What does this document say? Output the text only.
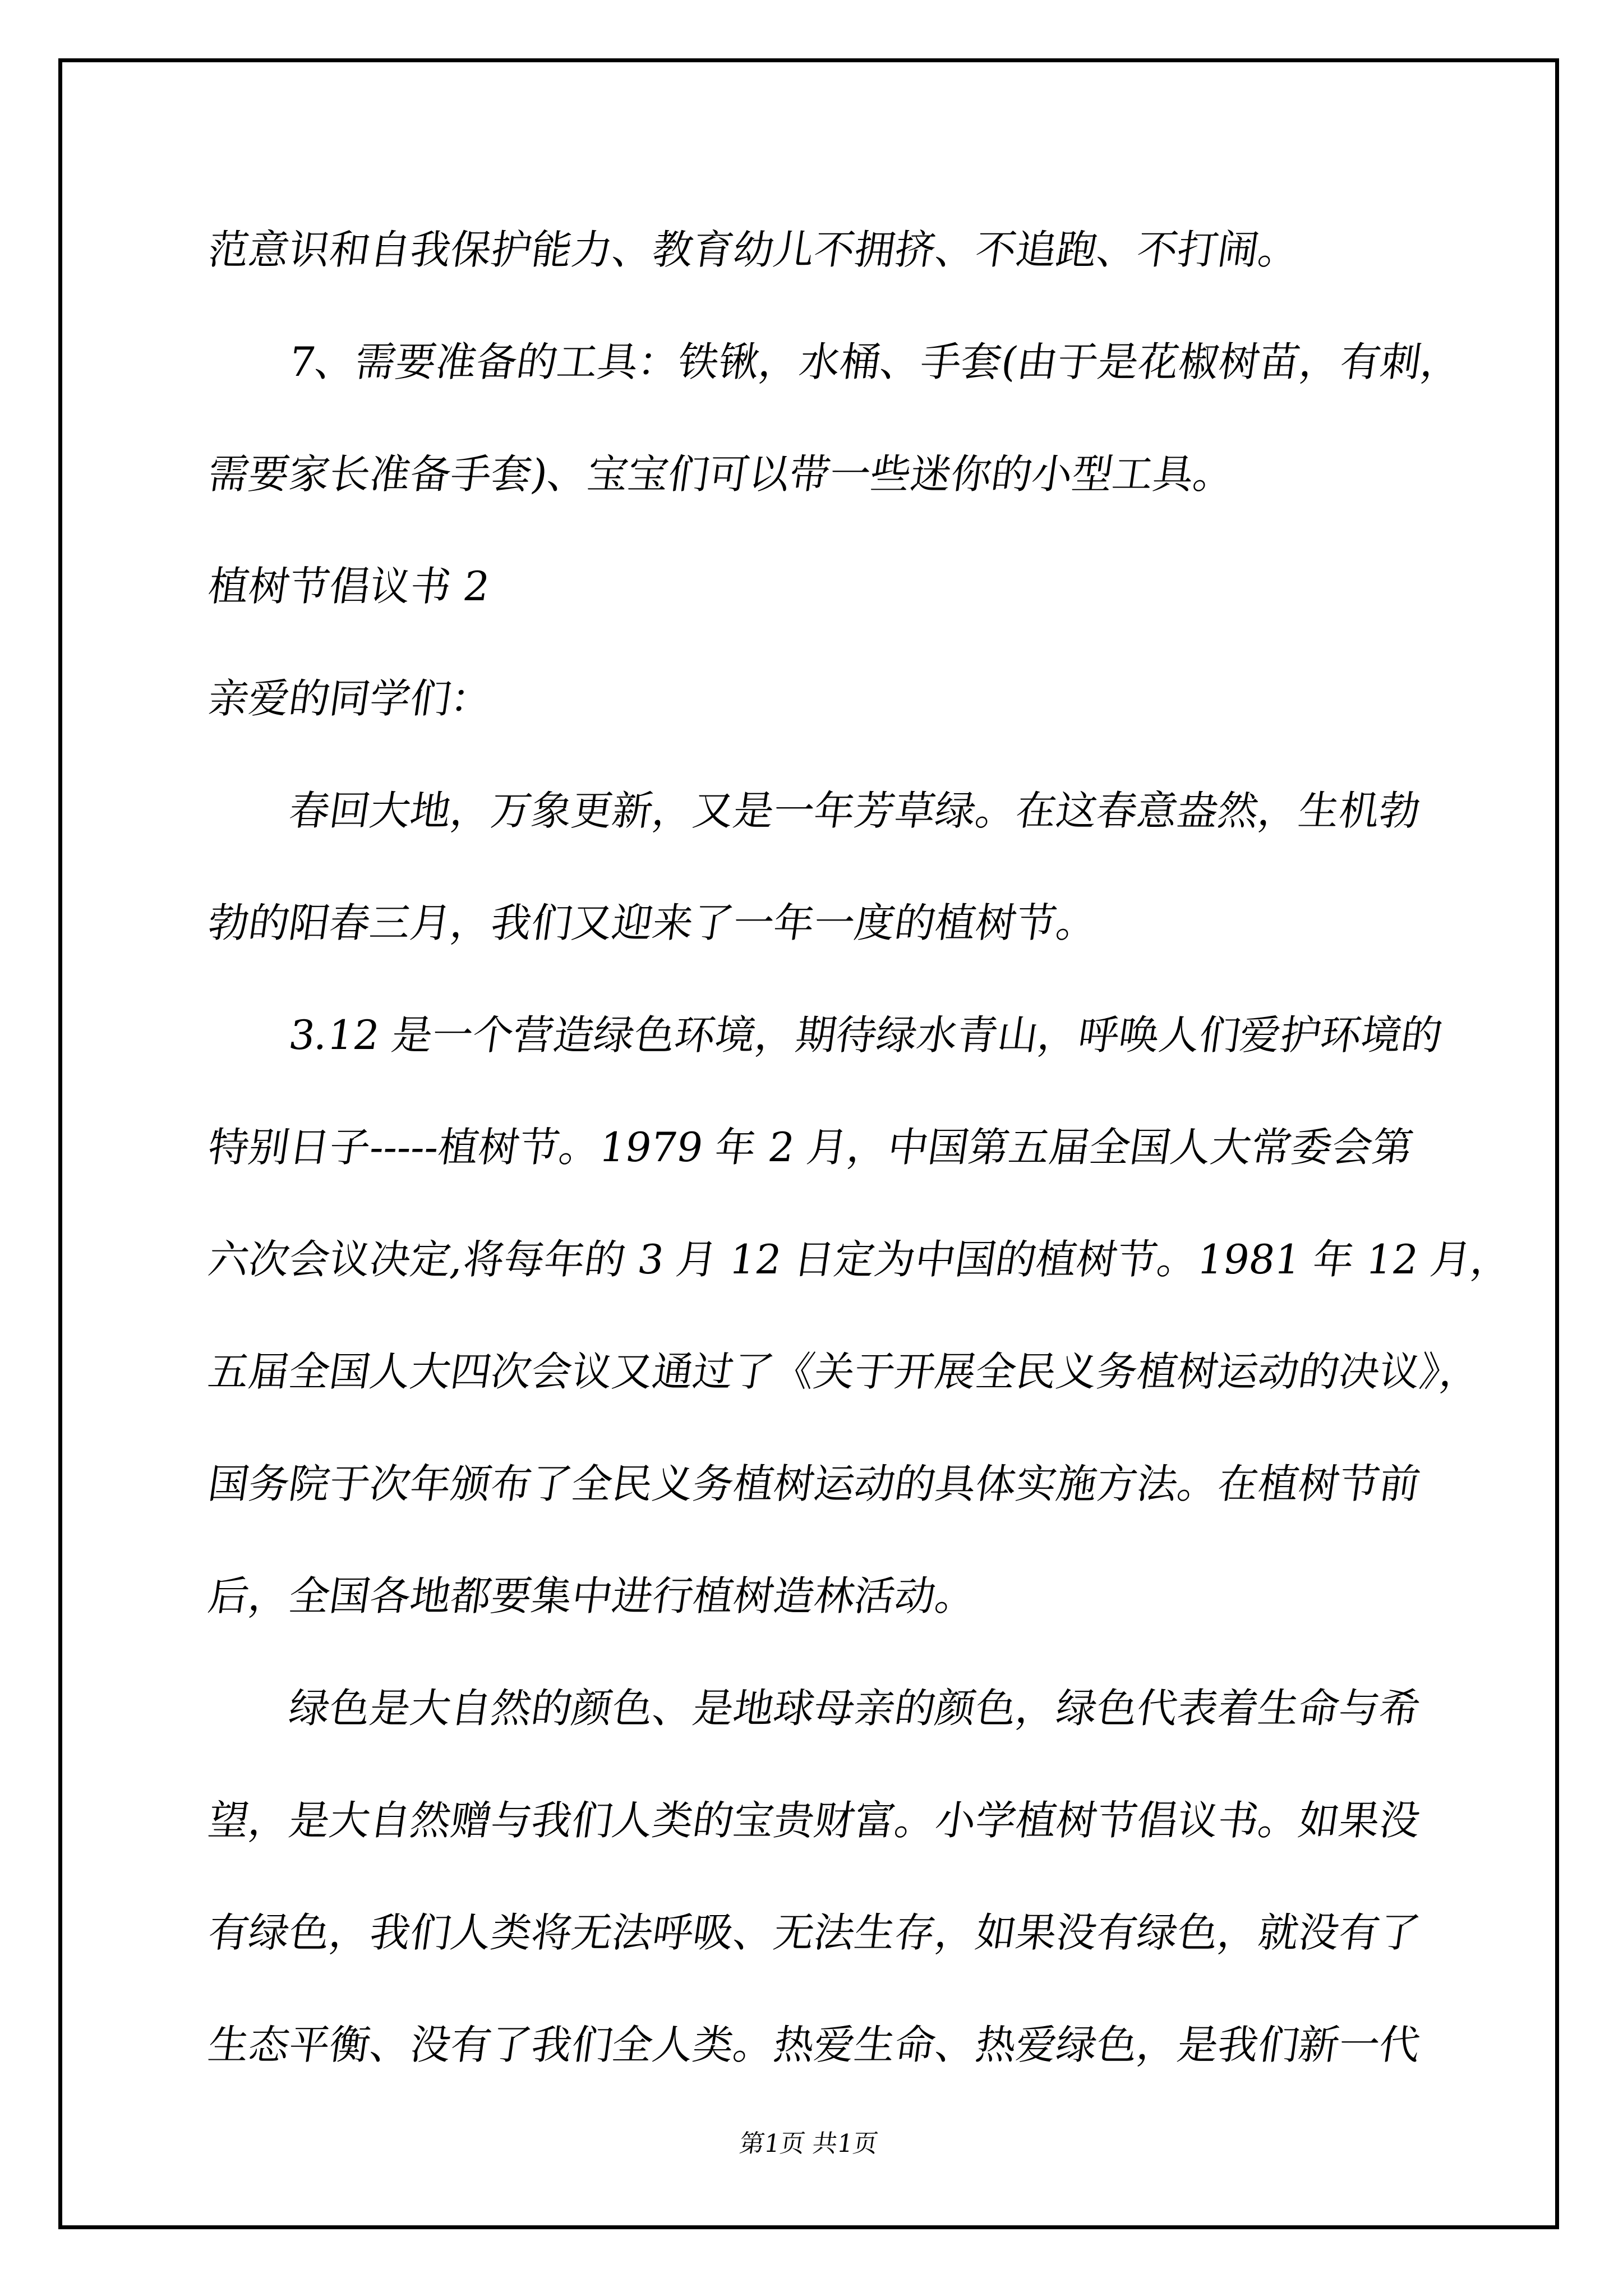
范意识和自我保护能力、教育幼儿不拥挤、不追跑、不打闹。
　　7、需要准备的工具：铁锹，水桶、手套(由于是花椒树苗，有刺，
需要家长准备手套)、宝宝们可以带一些迷你的小型工具。
植树节倡议书 2
亲爱的同学们：
　　春回大地，万象更新，又是一年芳草绿。在这春意盎然，生机勃
勃的阳春三月，我们又迎来了一年一度的植树节。
　　3.12 是一个营造绿色环境，期待绿水青山，呼唤人们爱护环境的
特别日子-----植树节。1979 年 2 月，中国第五届全国人大常委会第
六次会议决定,将每年的 3 月 12 日定为中国的植树节。1981 年 12 月，
五届全国人大四次会议又通过了《关于开展全民义务植树运动的决议》，
国务院于次年颁布了全民义务植树运动的具体实施方法。在植树节前
后，全国各地都要集中进行植树造林活动。
　　绿色是大自然的颜色、是地球母亲的颜色，绿色代表着生命与希
望，是大自然赠与我们人类的宝贵财富。小学植树节倡议书。如果没
有绿色，我们人类将无法呼吸、无法生存，如果没有绿色，就没有了
生态平衡、没有了我们全人类。热爱生命、热爱绿色，是我们新一代
第1页 共1页
